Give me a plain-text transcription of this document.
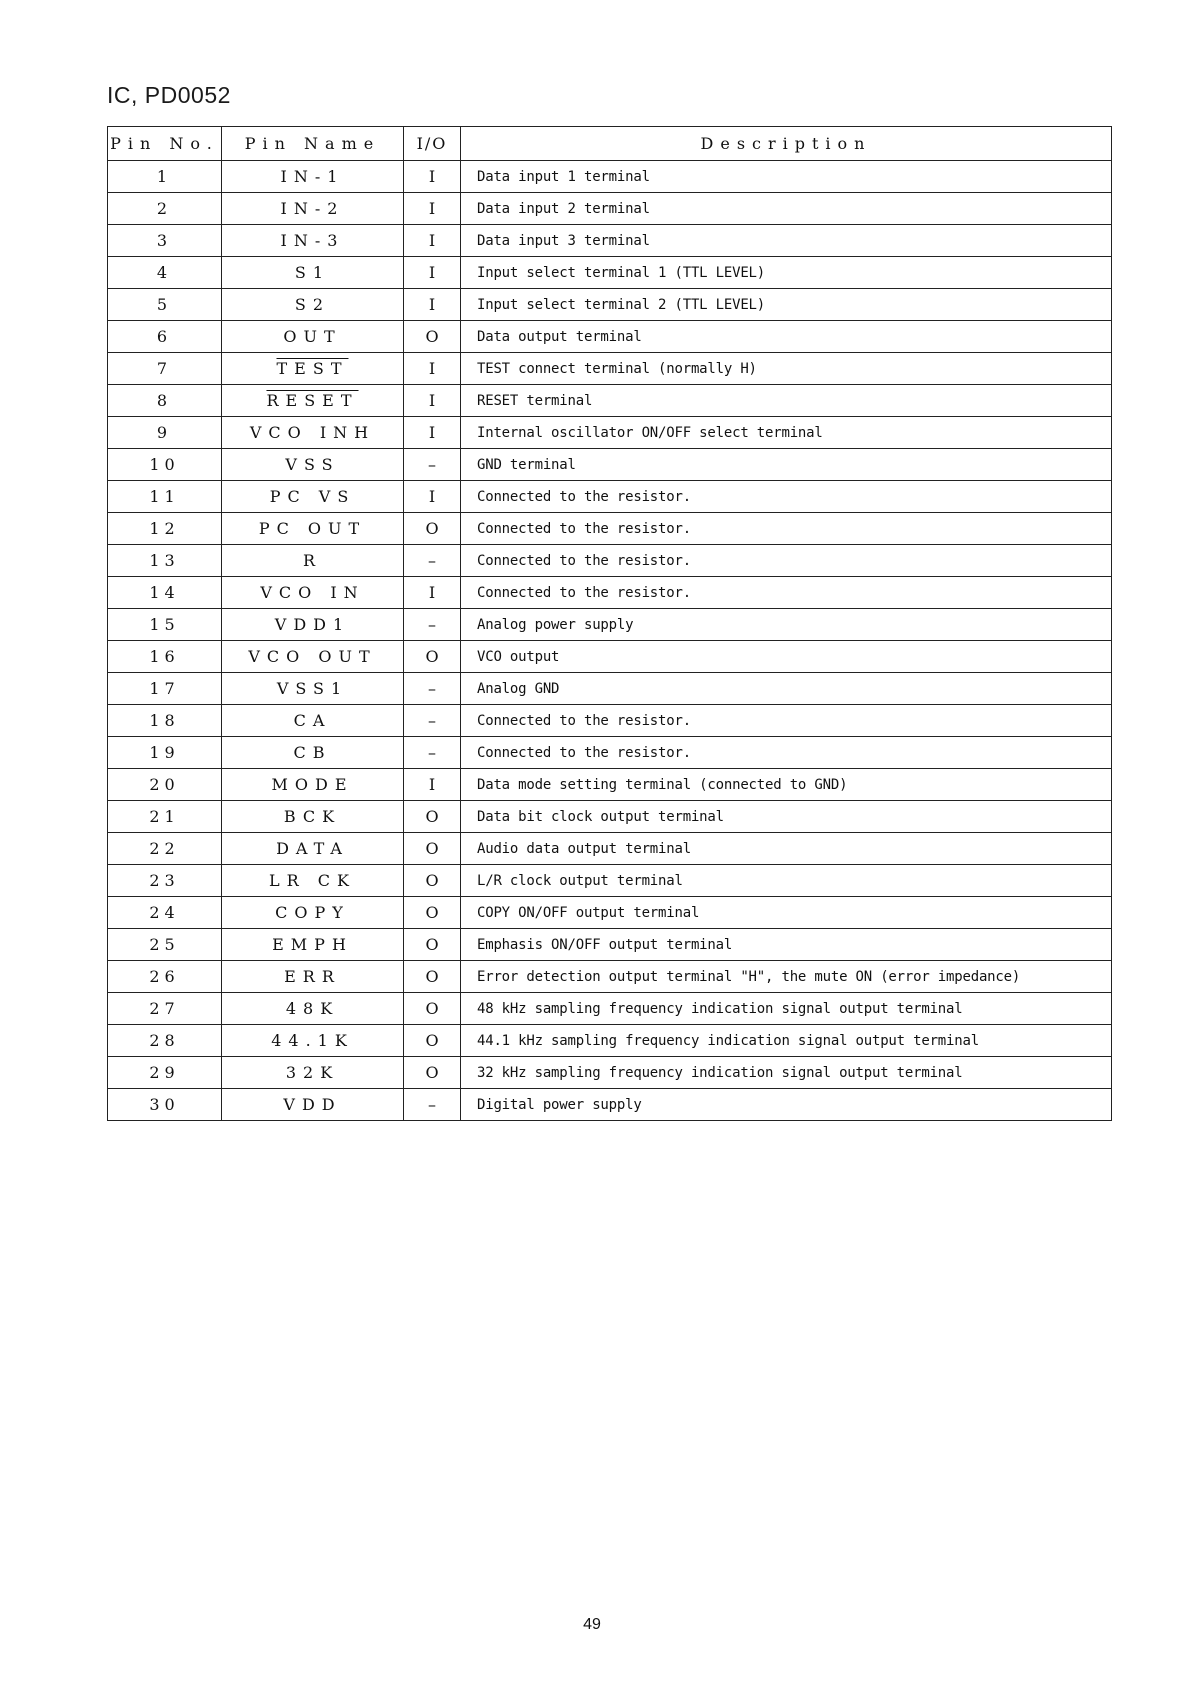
IC, PD0052
Pin No.	Pin Name	I/O	Description
1	IN-1	I	Data input 1 terminal
2	IN-2	I	Data input 2 terminal
3	IN-3	I	Data input 3 terminal
4	S1	I	Input select terminal 1 (TTL LEVEL)
5	S2	I	Input select terminal 2 (TTL LEVEL)
6	OUT	O	Data output terminal
7	TEST	I	TEST connect terminal (normally H)
8	RESET	I	RESET terminal
9	VCO INH	I	Internal oscillator ON/OFF select terminal
10	VSS	–	GND terminal
11	PC VS	I	Connected to the resistor.
12	PC OUT	O	Connected to the resistor.
13	R	–	Connected to the resistor.
14	VCO IN	I	Connected to the resistor.
15	VDD1	–	Analog power supply
16	VCO OUT	O	VCO output
17	VSS1	–	Analog GND
18	CA	–	Connected to the resistor.
19	CB	–	Connected to the resistor.
20	MODE	I	Data mode setting terminal (connected to GND)
21	BCK	O	Data bit clock output terminal
22	DATA	O	Audio data output terminal
23	LR CK	O	L/R clock output terminal
24	COPY	O	COPY ON/OFF output terminal
25	EMPH	O	Emphasis ON/OFF output terminal
26	ERR	O	Error detection output terminal "H", the mute ON (error impedance)
27	48K	O	48 kHz sampling frequency indication signal output terminal
28	44.1K	O	44.1 kHz sampling frequency indication signal output terminal
29	32K	O	32 kHz sampling frequency indication signal output terminal
30	VDD	–	Digital power supply
49
